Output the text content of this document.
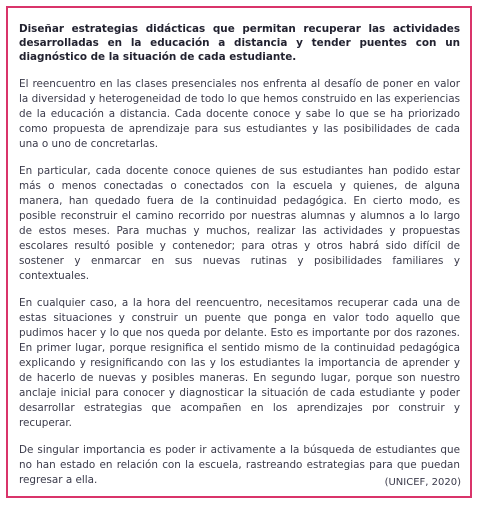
Diseñar estrategias didácticas que permitan recuperar las actividades desarrolladas en la educación a distancia y tender puentes con un diagnóstico de la situación de cada estudiante.

El reencuentro en las clases presenciales nos enfrenta al desafío de poner en valor la diversidad y heterogeneidad de todo lo que hemos construido en las experiencias de la educación a distancia. Cada docente conoce y sabe lo que se ha priorizado como propuesta de aprendizaje para sus estudiantes y las posibilidades de cada una o uno de concretarlas.

En particular, cada docente conoce quienes de sus estudiantes han podido estar más o menos conectadas o conectados con la escuela y quienes, de alguna manera, han quedado fuera de la continuidad pedagógica. En cierto modo, es posible reconstruir el camino recorrido por nuestras alumnas y alumnos a lo largo de estos meses. Para muchas y muchos, realizar las actividades y propuestas escolares resultó posible y contenedor; para otras y otros habrá sido difícil de sostener y enmarcar en sus nuevas rutinas y posibilidades familiares y contextuales.

En cualquier caso, a la hora del reencuentro, necesitamos recuperar cada una de estas situaciones y construir un puente que ponga en valor todo aquello que pudimos hacer y lo que nos queda por delante. Esto es importante por dos razones. En primer lugar, porque resignifica el sentido mismo de la continuidad pedagógica explicando y resignificando con las y los estudiantes la importancia de aprender y de hacerlo de nuevas y posibles maneras. En segundo lugar, porque son nuestro anclaje inicial para conocer y diagnosticar la situación de cada estudiante y poder desarrollar estrategias que acompañen en los aprendizajes por construir y recuperar.

De singular importancia es poder ir activamente a la búsqueda de estudiantes que no han estado en relación con la escuela, rastreando estrategias para que puedan regresar a ella.	(UNICEF, 2020)
